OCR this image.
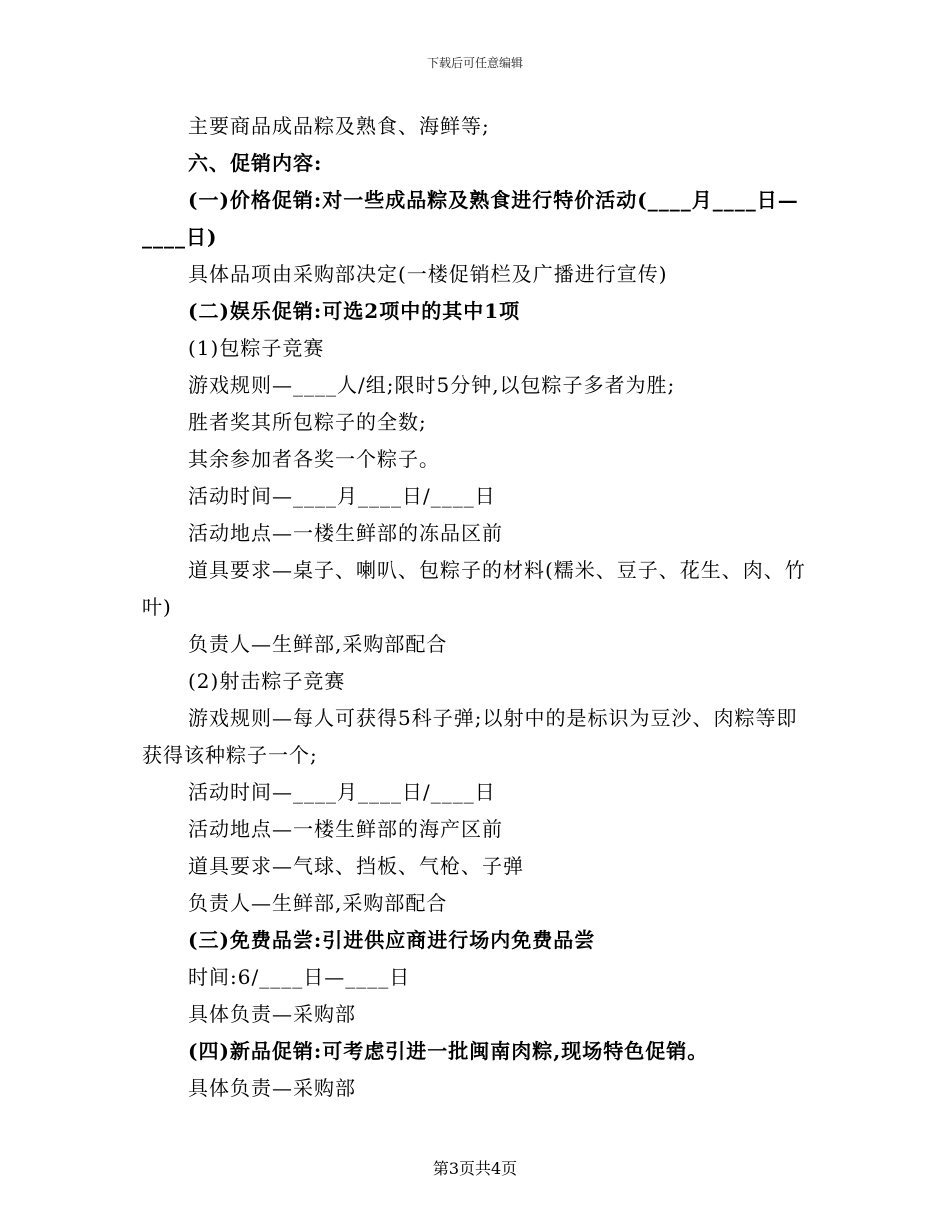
下载后可任意编辑

主要商品成品粽及熟食、海鲜等;

六、促销内容:

(一)价格促销:对一些成品粽及熟食进行特价活动(____月____日—____日)

具体品项由采购部决定(一楼促销栏及广播进行宣传)

(二)娱乐促销:可选2项中的其中1项

(1)包粽子竞赛

游戏规则—____人/组;限时5分钟,以包粽子多者为胜;

胜者奖其所包粽子的全数;

其余参加者各奖一个粽子。

活动时间—____月____日/____日

活动地点—一楼生鲜部的冻品区前

道具要求—桌子、喇叭、包粽子的材料(糯米、豆子、花生、肉、竹叶)

负责人—生鲜部,采购部配合

(2)射击粽子竞赛

游戏规则—每人可获得5科子弹;以射中的是标识为豆沙、肉粽等即获得该种粽子一个;

活动时间—____月____日/____日

活动地点—一楼生鲜部的海产区前

道具要求—气球、挡板、气枪、子弹

负责人—生鲜部,采购部配合

(三)免费品尝:引进供应商进行场内免费品尝

时间:6/____日—____日

具体负责—采购部

(四)新品促销:可考虑引进一批闽南肉粽,现场特色促销。

具体负责—采购部

第3页共4页
